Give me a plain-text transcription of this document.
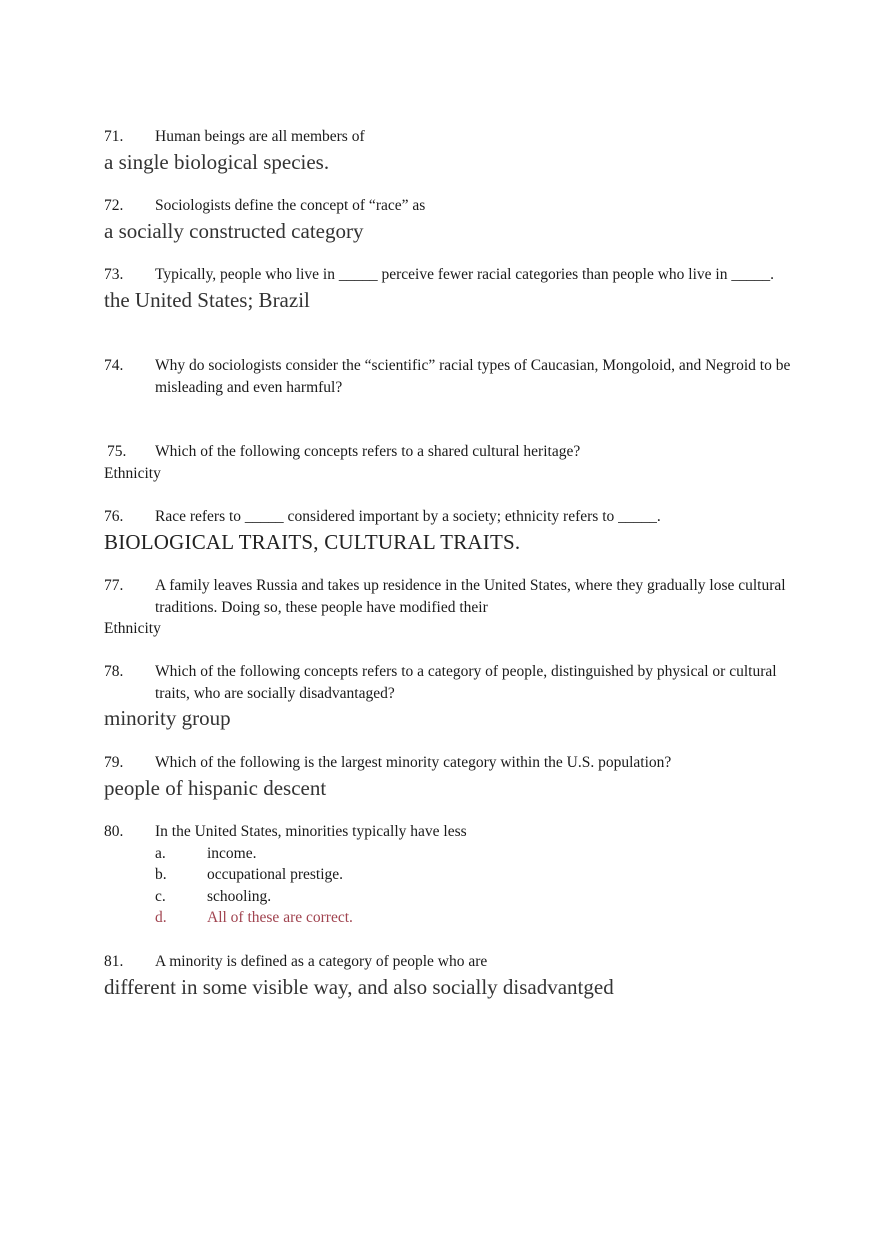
71. Human beings are all members of
a single biological species.
72. Sociologists define the concept of “race” as
a socially constructed category
73. Typically, people who live in _____ perceive fewer racial categories than people who live in _____.
the United States; Brazil
74. Why do sociologists consider the “scientific” racial types of Caucasian, Mongoloid, and Negroid to be misleading and even harmful?
75. Which of the following concepts refers to a shared cultural heritage?
Ethnicity
76. Race refers to _____ considered important by a society; ethnicity refers to _____.
BIOLOGICAL TRAITS, CULTURAL TRAITS.
77. A family leaves Russia and takes up residence in the United States, where they gradually lose cultural traditions. Doing so, these people have modified their
Ethnicity
78. Which of the following concepts refers to a category of people, distinguished by physical or cultural traits, who are socially disadvantaged?
minority group
79. Which of the following is the largest minority category within the U.S. population?
people of hispanic descent
80. In the United States, minorities typically have less
a.	income.
b.	occupational prestige.
c.	schooling.
d.	All of these are correct.
81. A minority is defined as a category of people who are
different in some visible way, and also socially disadvantged
